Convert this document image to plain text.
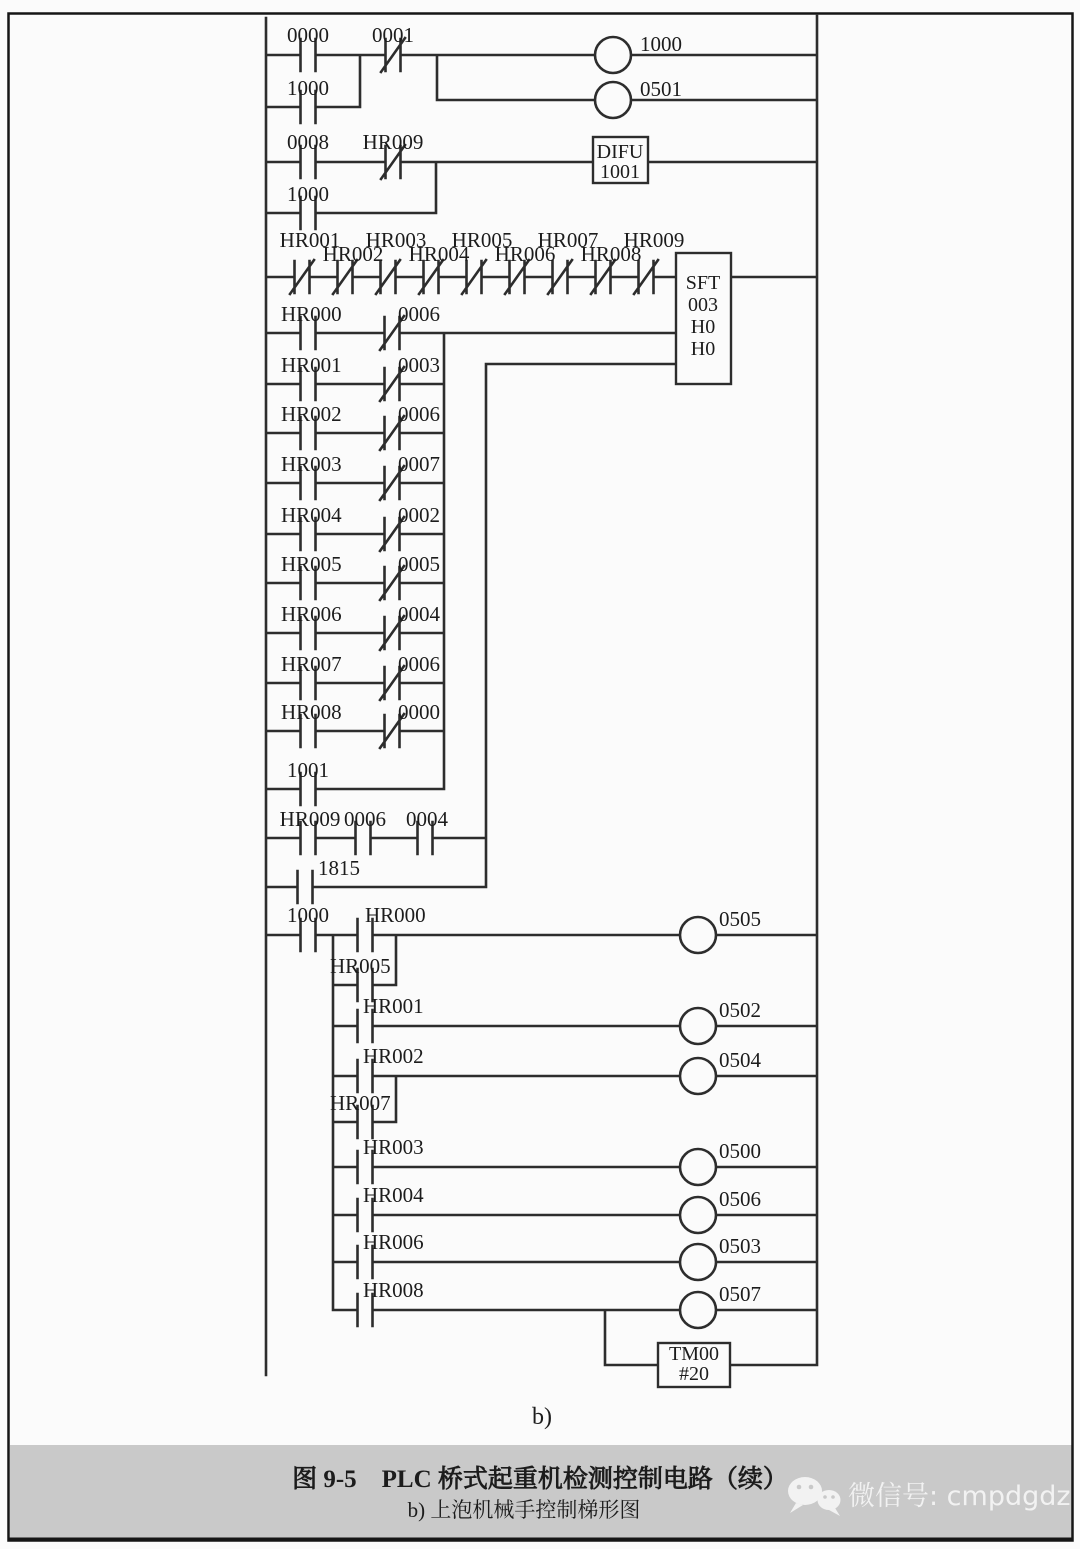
0000 0001
1000
1000
0501
0008 HR009
1000
DIFU
1001
HR001 HR003 HR005 HR007 HR009
HR002 HR004 HR006 HR008
SFT
003
H0
H0
HR000	0006
HR001	0003
HR002	0006
HR003	0007
HR004	0002
HR005	0005
HR006	0004
HR007	0006
HR008	0000
1001
HR009 0006 0004
1815
1000 HR000
HR005
0505
HR001	0502
HR002
HR007
0504
HR003	0500
HR004	0506
HR006	0503
HR008	0507
TM00
#20
b)
图 9-5　PLC 桥式起重机检测控制电路（续）
b) 上泡机械手控制梯形图	微信号: cmpdgdz
